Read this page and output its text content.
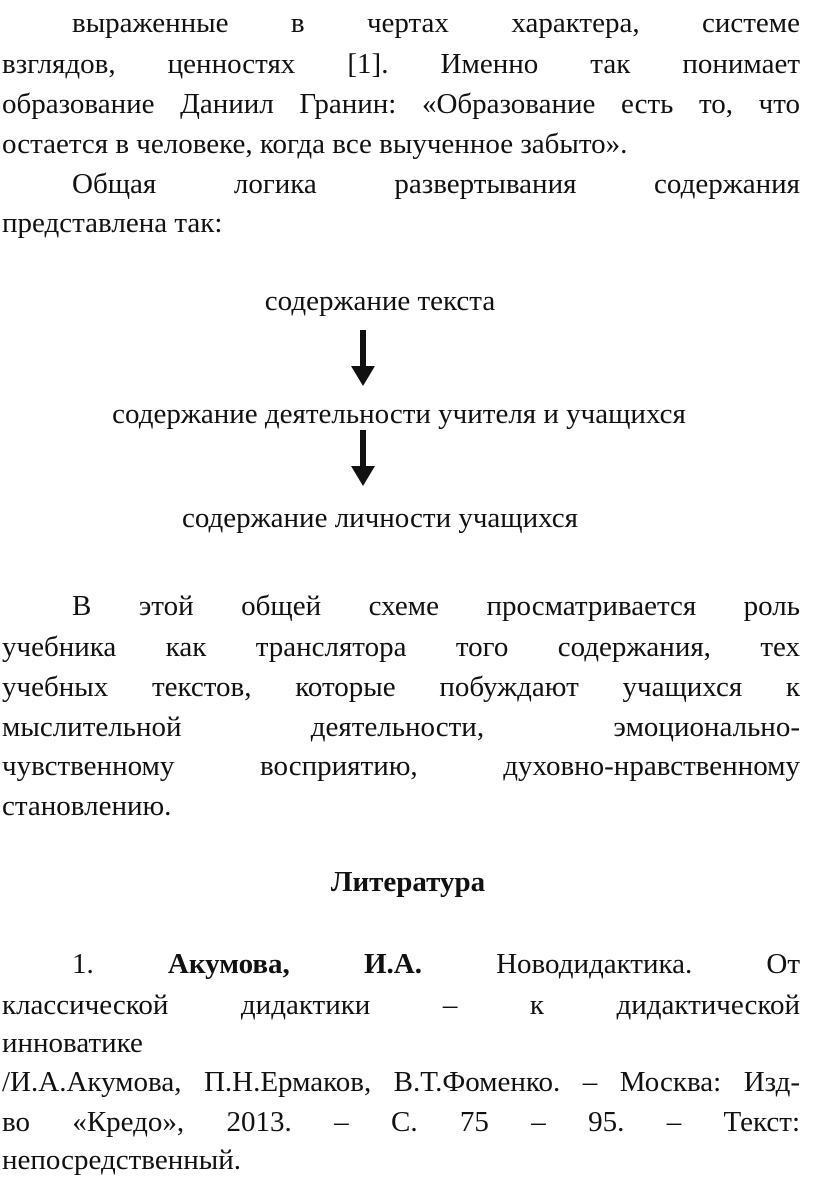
выраженные в чертах характера, системе
взглядов, ценностях [1]. Именно так понимает
образование Даниил Гранин: «Образование есть то, что
остается в человеке, когда все выученное забыто».
Общая логика развертывания содержания
представлена так:
содержание текста
содержание деятельности учителя и учащихся
содержание личности учащихся
В этой общей схеме просматривается роль
учебника как транслятора того содержания, тех
учебных текстов, которые побуждают учащихся к
мыслительной деятельности, эмоционально-
чувственному восприятию, духовно-нравственному
становлению.
Литература
1.	Акумова, И.А.	Новодидактика. От
классической дидактики – к дидактической
инноватике
/И.А.Акумова, П.Н.Ермаков, В.Т.Фоменко. – Москва: Изд-
во «Кредо», 2013. – С. 75 – 95. – Текст:
непосредственный.
